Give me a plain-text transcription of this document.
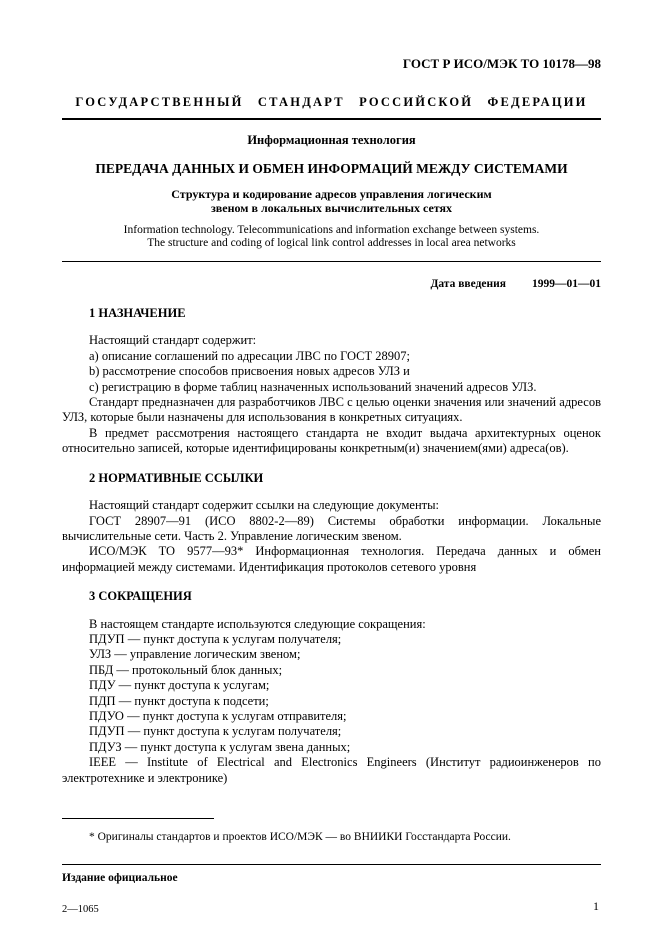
ГОСТ Р ИСО/МЭК ТО 10178—98
ГОСУДАРСТВЕННЫЙ СТАНДАРТ РОССИЙСКОЙ ФЕДЕРАЦИИ
Информационная технология
ПЕРЕДАЧА ДАННЫХ И ОБМЕН ИНФОРМАЦИЙ МЕЖДУ СИСТЕМАМИ
Структура и кодирование адресов управления логическим
звеном в локальных вычислительных сетях
Information technology. Telecommunications and information exchange between systems.
The structure and coding of logical link control addresses in local area networks
Дата введения 1999—01—01
1 НАЗНАЧЕНИЕ

Настоящий стандарт содержит:

a) описание соглашений по адресации ЛВС по ГОСТ 28907;

b) рассмотрение способов присвоения новых адресов УЛЗ и

c) регистрацию в форме таблиц назначенных использований значений адресов УЛЗ.

Стандарт предназначен для разработчиков ЛВС с целью оценки значения или значений адресов УЛЗ, которые были назначены для использования в конкретных ситуациях.

В предмет рассмотрения настоящего стандарта не входит выдача архитектурных оценок относительно записей, которые идентифицированы конкретным(и) значением(ями) адреса(ов).

2 НОРМАТИВНЫЕ ССЫЛКИ

Настоящий стандарт содержит ссылки на следующие документы:

ГОСТ 28907—91 (ИСО 8802-2—89) Системы обработки информации. Локальные вычислительные сети. Часть 2. Управление логическим звеном.

ИСО/МЭК ТО 9577—93* Информационная технология. Передача данных и обмен информацией между системами. Идентификация протоколов сетевого уровня

3 СОКРАЩЕНИЯ

В настоящем стандарте используются следующие сокращения:

ПДУП — пункт доступа к услугам получателя;

УЛЗ — управление логическим звеном;

ПБД — протокольный блок данных;

ПДУ — пункт доступа к услугам;

ПДП — пункт доступа к подсети;

ПДУО — пункт доступа к услугам отправителя;

ПДУП — пункт доступа к услугам получателя;

ПДУЗ — пункт доступа к услугам звена данных;

IEEE — Institute of Electrical and Electronics Engineers (Институт радиоинженеров по электротехнике и электронике)

* Оригиналы стандартов и проектов ИСО/МЭК — во ВНИИКИ Госстандарта России.

Издание официальное
2—1065	1
